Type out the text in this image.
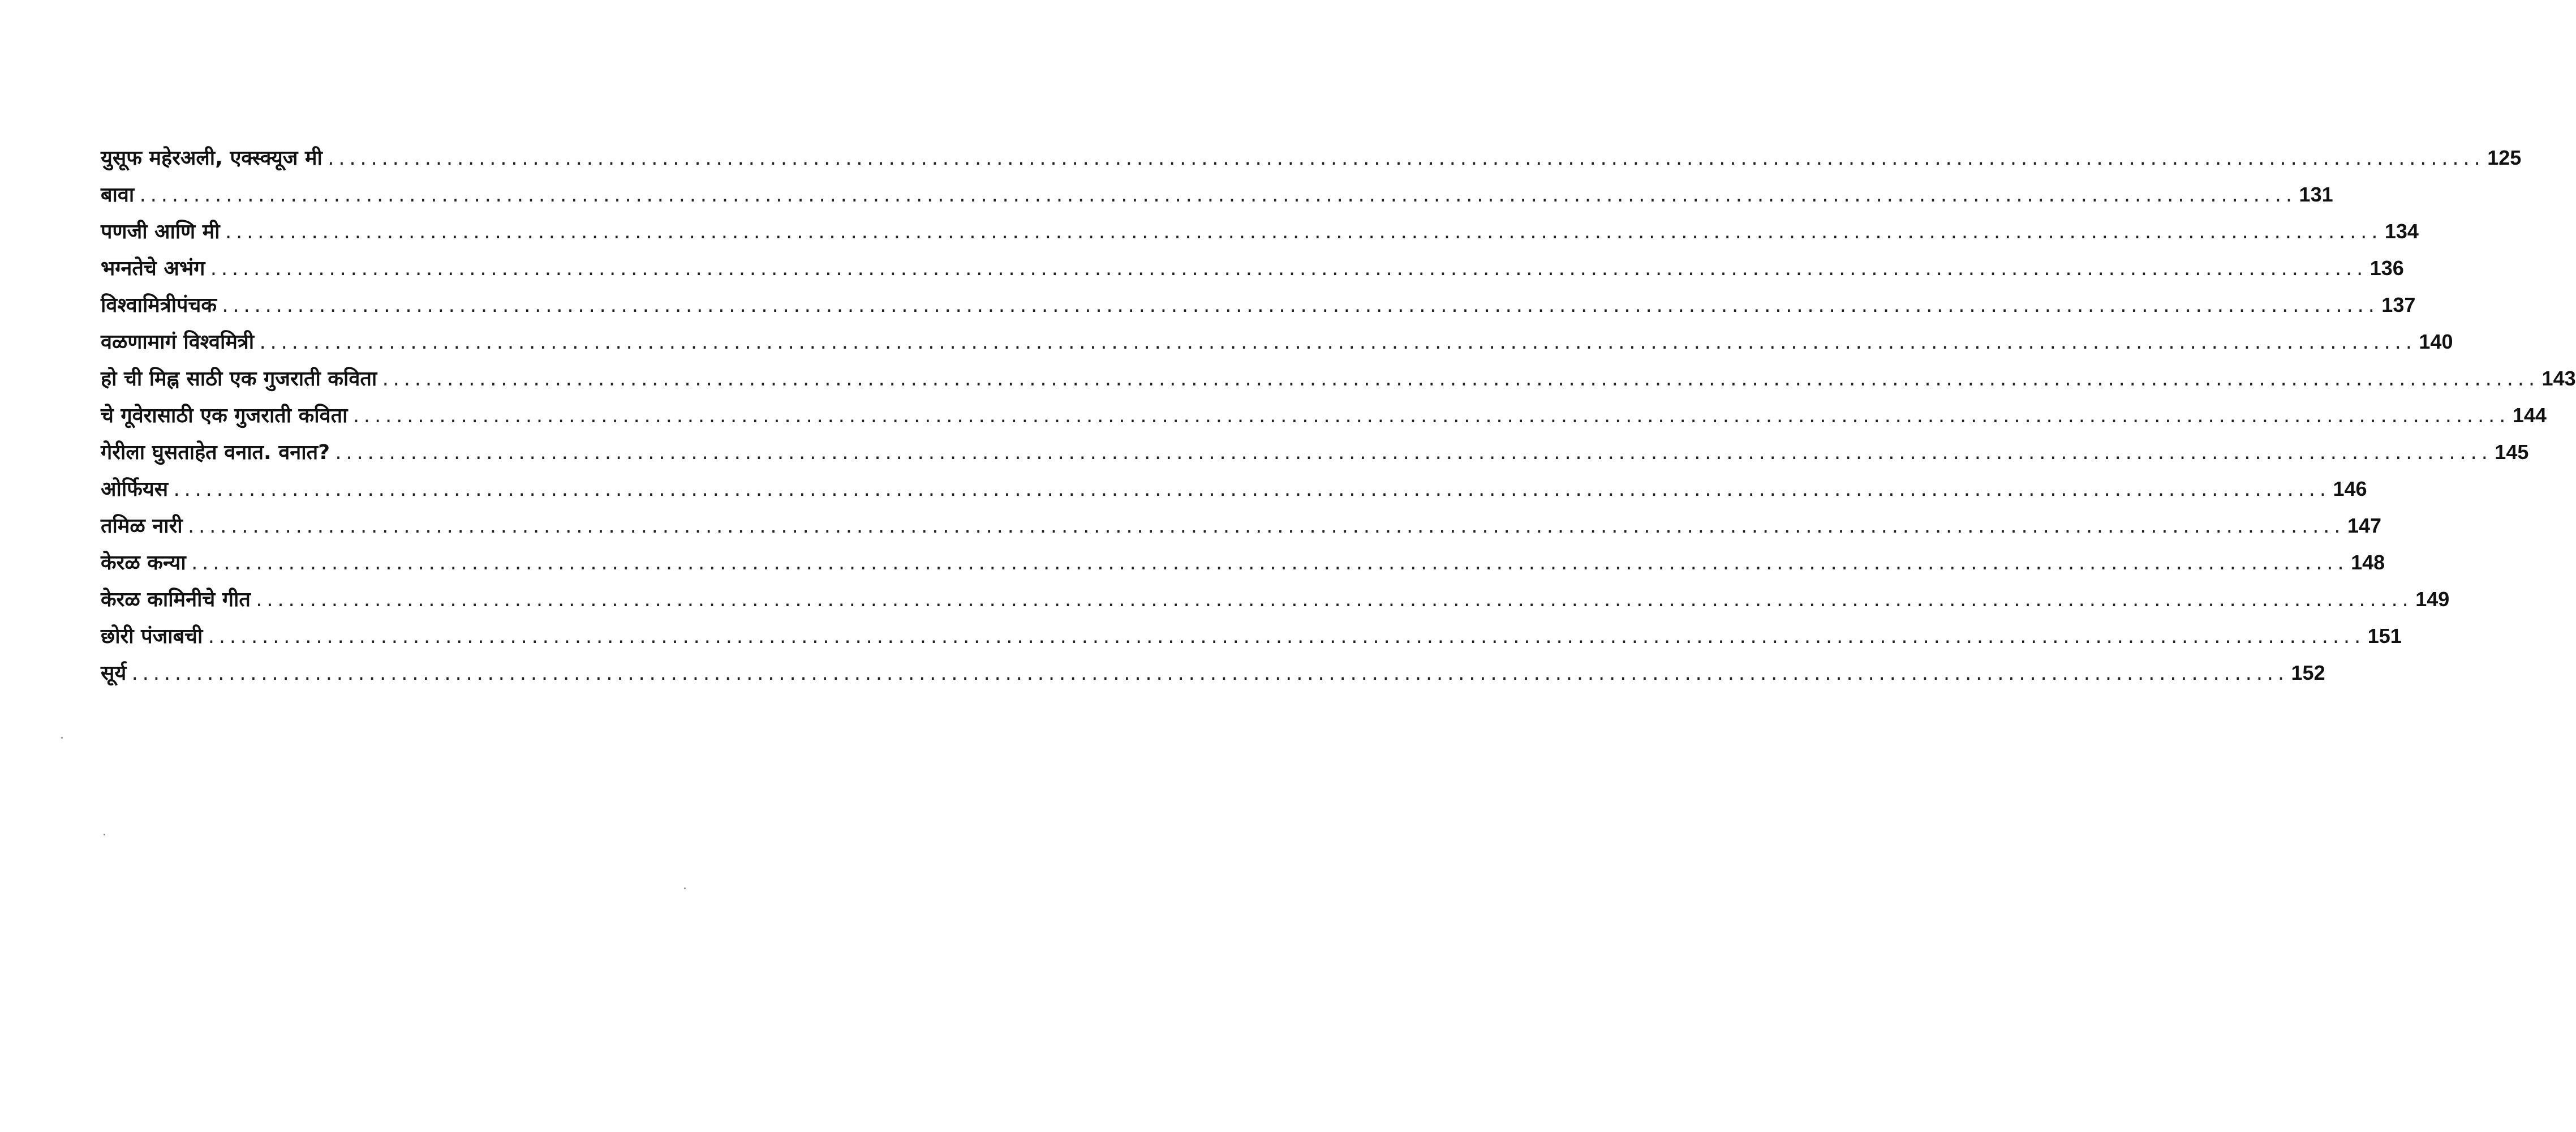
युसूफ महेरअली, एक्स्क्यूज मी ........................................................................................................................................................................................................ 125
बावा ........................................................................................................................................................................................................ 131
पणजी आणि मी ........................................................................................................................................................................................................ 134
भग्नतेचे अभंग ........................................................................................................................................................................................................ 136
विश्वामित्रीपंचक ........................................................................................................................................................................................................ 137
वळणामागं विश्वमित्री ........................................................................................................................................................................................................ 140
हो ची मिह्न साठी एक गुजराती कविता ........................................................................................................................................................................................................ 143
चे गूवेरासाठी एक गुजराती कविता ........................................................................................................................................................................................................ 144
गेरीला घुसताहेत वनात. वनात? ........................................................................................................................................................................................................ 145
ओर्फियस ........................................................................................................................................................................................................ 146
तमिळ नारी ........................................................................................................................................................................................................ 147
केरळ कन्या ........................................................................................................................................................................................................ 148
केरळ कामिनीचे गीत ........................................................................................................................................................................................................ 149
छोरी पंजाबची ........................................................................................................................................................................................................ 151
सूर्य ........................................................................................................................................................................................................ 152
